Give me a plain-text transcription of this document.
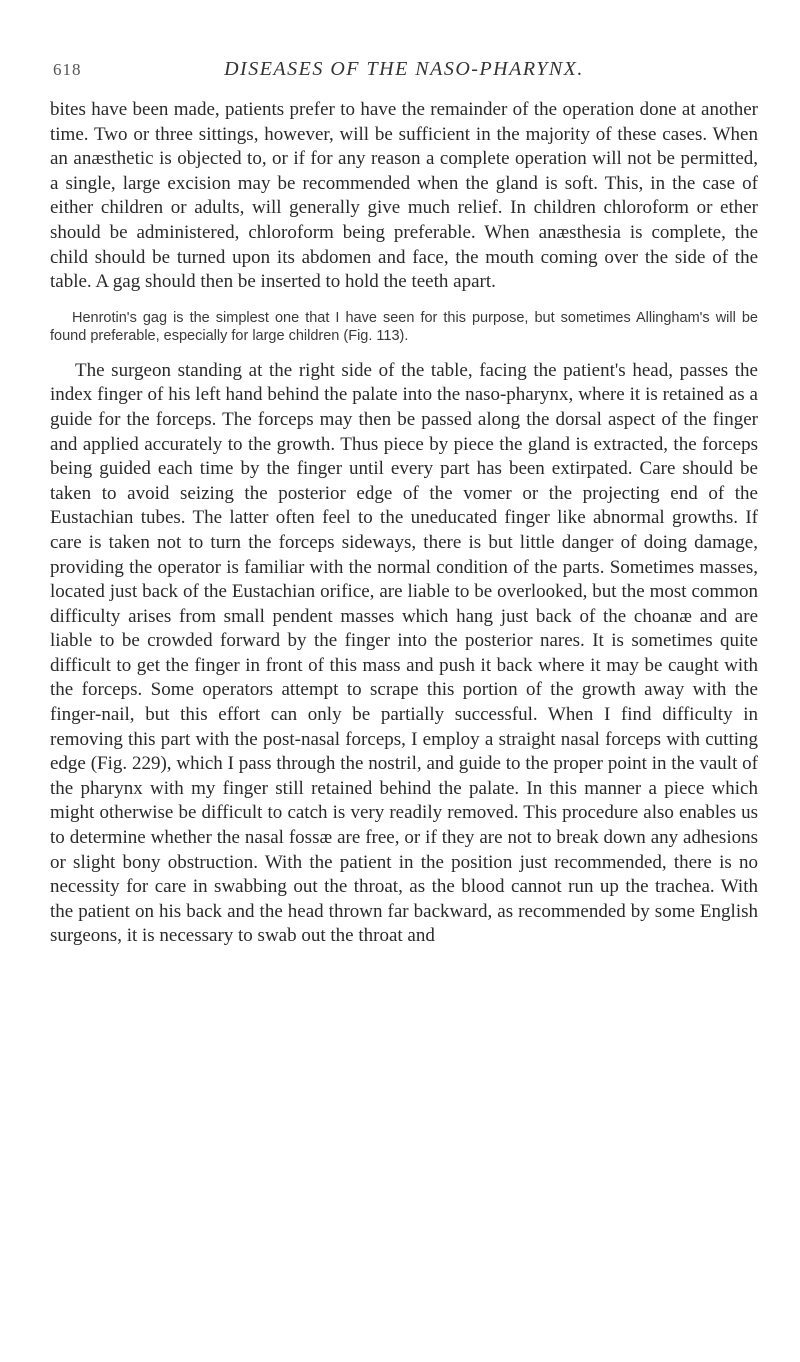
618	DISEASES OF THE NASO-PHARYNX.

bites have been made, patients prefer to have the remainder of the operation done at another time. Two or three sittings, however, will be sufficient in the majority of these cases. When an anæsthetic is objected to, or if for any reason a complete operation will not be permitted, a single, large excision may be recommended when the gland is soft. This, in the case of either children or adults, will generally give much relief. In children chloroform or ether should be administered, chloroform being preferable. When anæsthesia is complete, the child should be turned upon its abdomen and face, the mouth coming over the side of the table. A gag should then be inserted to hold the teeth apart.

Henrotin's gag is the simplest one that I have seen for this purpose, but sometimes Allingham's will be found preferable, especially for large children (Fig. 113).

The surgeon standing at the right side of the table, facing the patient's head, passes the index finger of his left hand behind the palate into the naso-pharynx, where it is retained as a guide for the forceps. The forceps may then be passed along the dorsal aspect of the finger and applied accurately to the growth. Thus piece by piece the gland is extracted, the forceps being guided each time by the finger until every part has been extirpated. Care should be taken to avoid seizing the posterior edge of the vomer or the projecting end of the Eustachian tubes. The latter often feel to the uneducated finger like abnormal growths. If care is taken not to turn the forceps sideways, there is but little danger of doing damage, providing the operator is familiar with the normal condition of the parts. Sometimes masses, located just back of the Eustachian orifice, are liable to be overlooked, but the most common difficulty arises from small pendent masses which hang just back of the choanæ and are liable to be crowded forward by the finger into the posterior nares. It is sometimes quite difficult to get the finger in front of this mass and push it back where it may be caught with the forceps. Some operators attempt to scrape this portion of the growth away with the finger-nail, but this effort can only be partially successful. When I find difficulty in removing this part with the post-nasal forceps, I employ a straight nasal forceps with cutting edge (Fig. 229), which I pass through the nostril, and guide to the proper point in the vault of the pharynx with my finger still retained behind the palate. In this manner a piece which might otherwise be difficult to catch is very readily removed. This procedure also enables us to determine whether the nasal fossæ are free, or if they are not to break down any adhesions or slight bony obstruction. With the patient in the position just recommended, there is no necessity for care in swabbing out the throat, as the blood cannot run up the trachea. With the patient on his back and the head thrown far backward, as recommended by some English surgeons, it is necessary to swab out the throat and
